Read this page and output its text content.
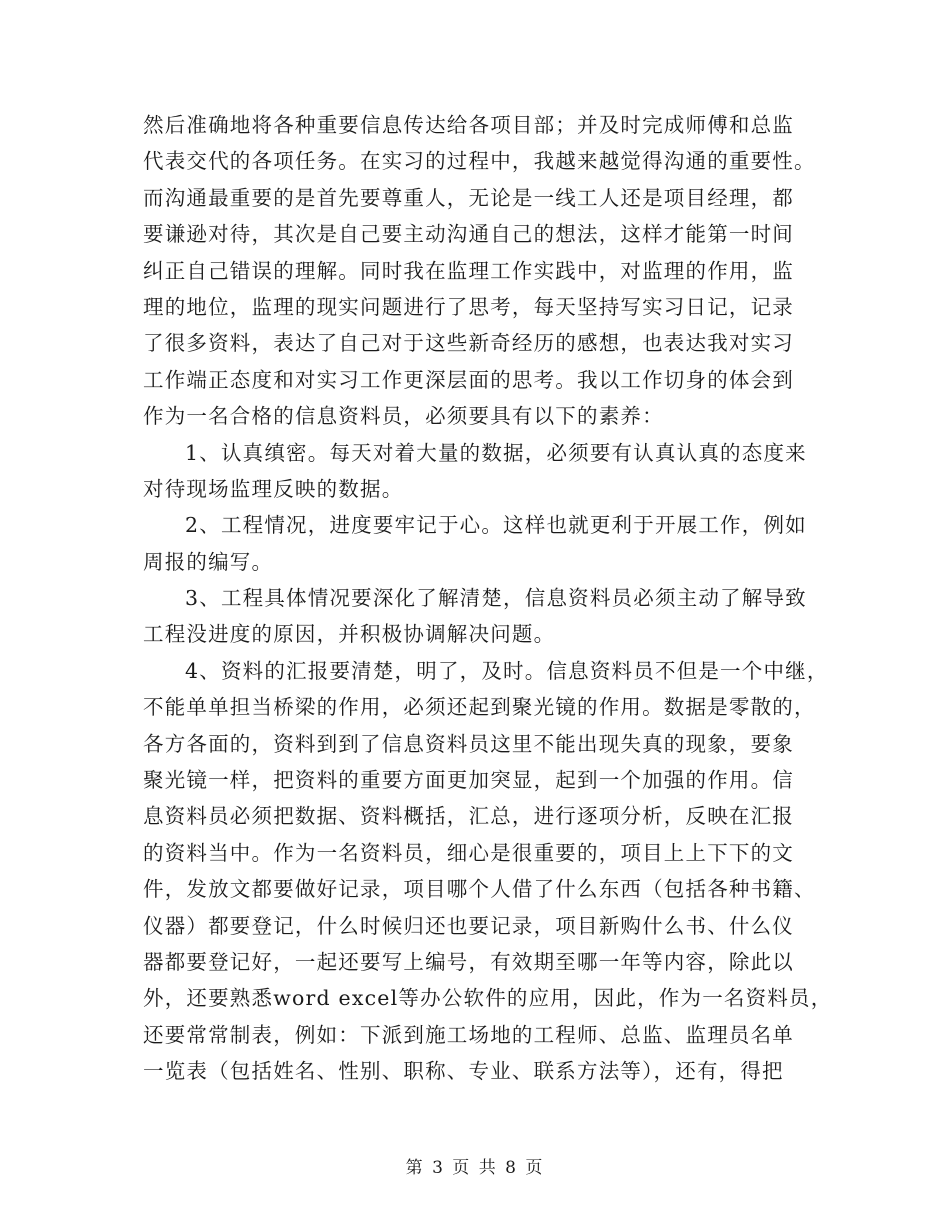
然后准确地将各种重要信息传达给各项目部；并及时完成师傅和总监
代表交代的各项任务。在实习的过程中，我越来越觉得沟通的重要性。
而沟通最重要的是首先要尊重人，无论是一线工人还是项目经理，都
要谦逊对待，其次是自己要主动沟通自己的想法，这样才能第一时间
纠正自己错误的理解。同时我在监理工作实践中，对监理的作用，监
理的地位，监理的现实问题进行了思考，每天坚持写实习日记，记录
了很多资料，表达了自己对于这些新奇经历的感想，也表达我对实习
工作端正态度和对实习工作更深层面的思考。我以工作切身的体会到
作为一名合格的信息资料员，必须要具有以下的素养：
1、认真缜密。每天对着大量的数据，必须要有认真认真的态度来
对待现场监理反映的数据。
2、工程情况，进度要牢记于心。这样也就更利于开展工作，例如
周报的编写。
3、工程具体情况要深化了解清楚，信息资料员必须主动了解导致
工程没进度的原因，并积极协调解决问题。
4、资料的汇报要清楚，明了，及时。信息资料员不但是一个中继，
不能单单担当桥梁的作用，必须还起到聚光镜的作用。数据是零散的，
各方各面的，资料到到了信息资料员这里不能出现失真的现象，要象
聚光镜一样，把资料的重要方面更加突显，起到一个加强的作用。信
息资料员必须把数据、资料概括，汇总，进行逐项分析，反映在汇报
的资料当中。作为一名资料员，细心是很重要的，项目上上下下的文
件，发放文都要做好记录，项目哪个人借了什么东西（包括各种书籍、
仪器）都要登记，什么时候归还也要记录，项目新购什么书、什么仪
器都要登记好，一起还要写上编号，有效期至哪一年等内容，除此以
外，还要熟悉word excel等办公软件的应用，因此，作为一名资料员，
还要常常制表，例如：下派到施工场地的工程师、总监、监理员名单
一览表（包括姓名、性别、职称、专业、联系方法等），还有，得把
第 3 页 共 8 页
